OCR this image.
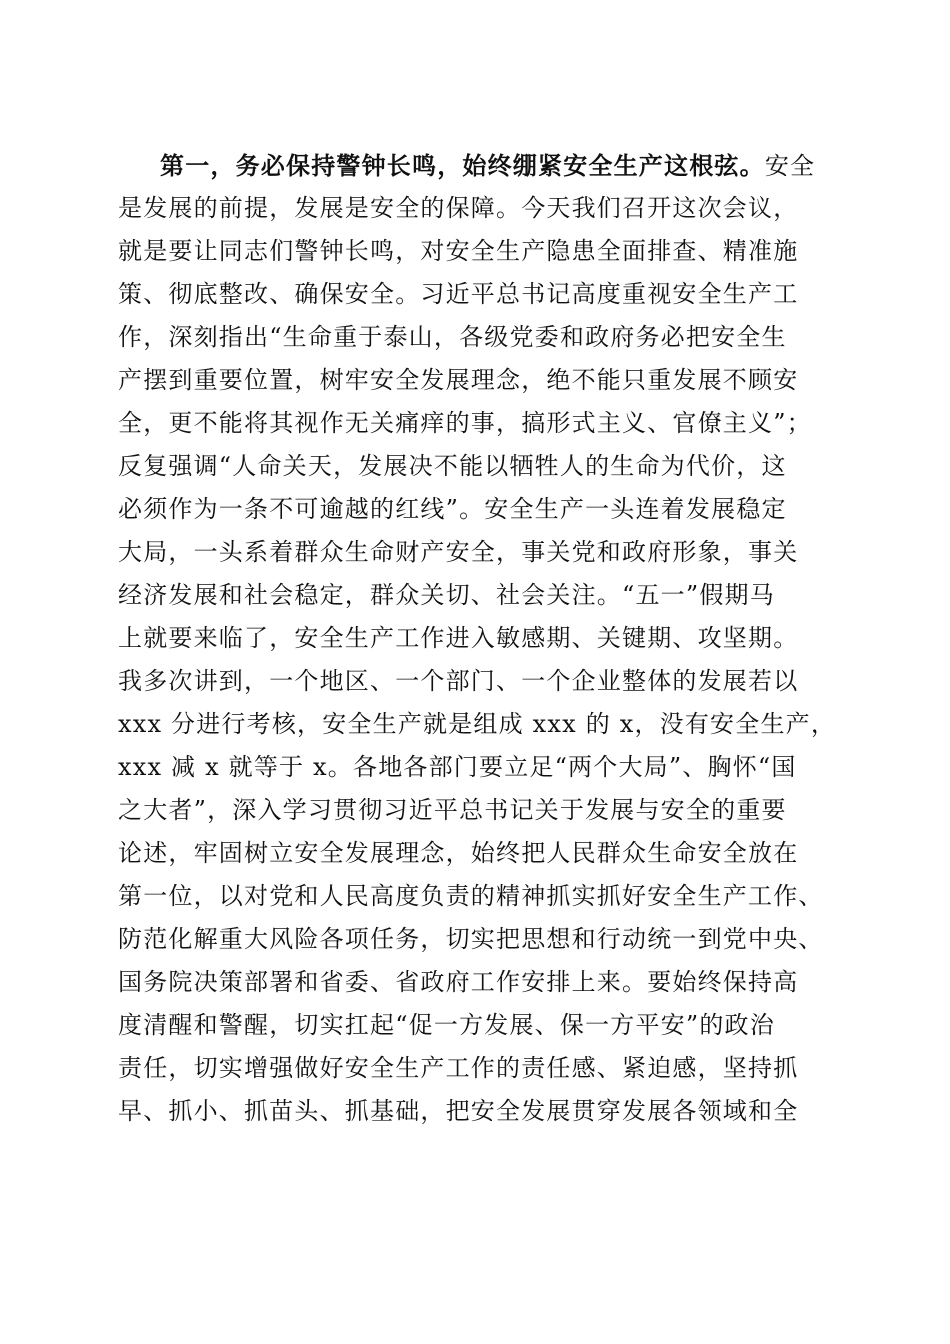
第一，务必保持警钟长鸣，始终绷紧安全生产这根弦。安全
是发展的前提，发展是安全的保障。今天我们召开这次会议，
就是要让同志们警钟长鸣，对安全生产隐患全面排查、精准施
策、彻底整改、确保安全。习近平总书记高度重视安全生产工
作，深刻指出“生命重于泰山，各级党委和政府务必把安全生
产摆到重要位置，树牢安全发展理念，绝不能只重发展不顾安
全，更不能将其视作无关痛痒的事，搞形式主义、官僚主义”；
反复强调“人命关天，发展决不能以牺牲人的生命为代价，这
必须作为一条不可逾越的红线”。安全生产一头连着发展稳定
大局，一头系着群众生命财产安全，事关党和政府形象，事关
经济发展和社会稳定，群众关切、社会关注。“五一”假期马
上就要来临了，安全生产工作进入敏感期、关键期、攻坚期。
我多次讲到，一个地区、一个部门、一个企业整体的发展若以
xxx 分进行考核，安全生产就是组成 xxx 的 x，没有安全生产，
xxx 减 x 就等于 x。各地各部门要立足“两个大局”、胸怀“国
之大者”，深入学习贯彻习近平总书记关于发展与安全的重要
论述，牢固树立安全发展理念，始终把人民群众生命安全放在
第一位，以对党和人民高度负责的精神抓实抓好安全生产工作、
防范化解重大风险各项任务，切实把思想和行动统一到党中央、
国务院决策部署和省委、省政府工作安排上来。要始终保持高
度清醒和警醒，切实扛起“促一方发展、保一方平安”的政治
责任，切实增强做好安全生产工作的责任感、紧迫感，坚持抓
早、抓小、抓苗头、抓基础，把安全发展贯穿发展各领域和全
